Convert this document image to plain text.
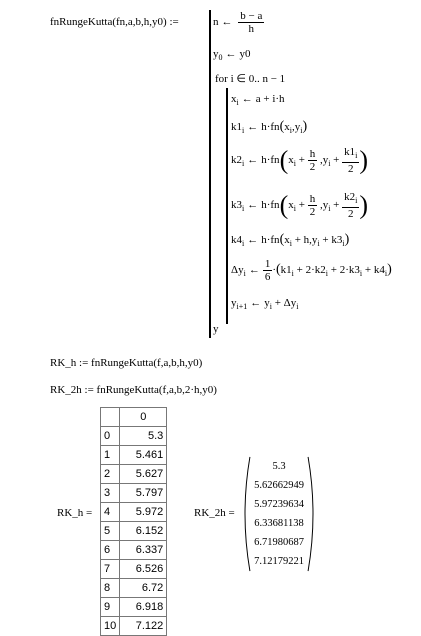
fnRungeKutta(fn,a,b,h,y0) :=	n ← $\frac{b - a}{h}$
$y_0$ ← y0
for i ∈ 0.. n − 1
$x_i$ ← a + i·h
$k1_i$ ← $h\cdot fn(x_i,y_i)$
$k2_i$ ← $h\cdot fn(x_i + \frac{h}{2} ,y_i + \frac{k1_i}{2}$ )
$k3_i$ ← $h\cdot fn(x_i + \frac{h}{2} ,y_i + \frac{k2_i}{2}$ )
$k4_i$ ← $h\cdot fn(x_i + h,y_i + k3_i)$
$\Delta y_i$ ← $\frac{1}{6} \cdot(k1_i + 2\cdot k2_i + 2\cdot k3_i + k4_i)$
$y_{i+1}$ ← $y_i + \Delta y_i$
y
RK_h := fnRungeKutta(f,a,b,h,y0)
RK_2h := fnRungeKutta(f,a,b,2·h,y0)
RK_h =
	0
0	5.3
1	5.461
2	5.627
3	5.797
4	5.972
5	6.152
6	6.337
7	6.526
8	6.72
9	6.918
10	7.122
RK_2h =
5.3
5.62662949
5.97239634
6.33681138
6.71980687
7.12179221
